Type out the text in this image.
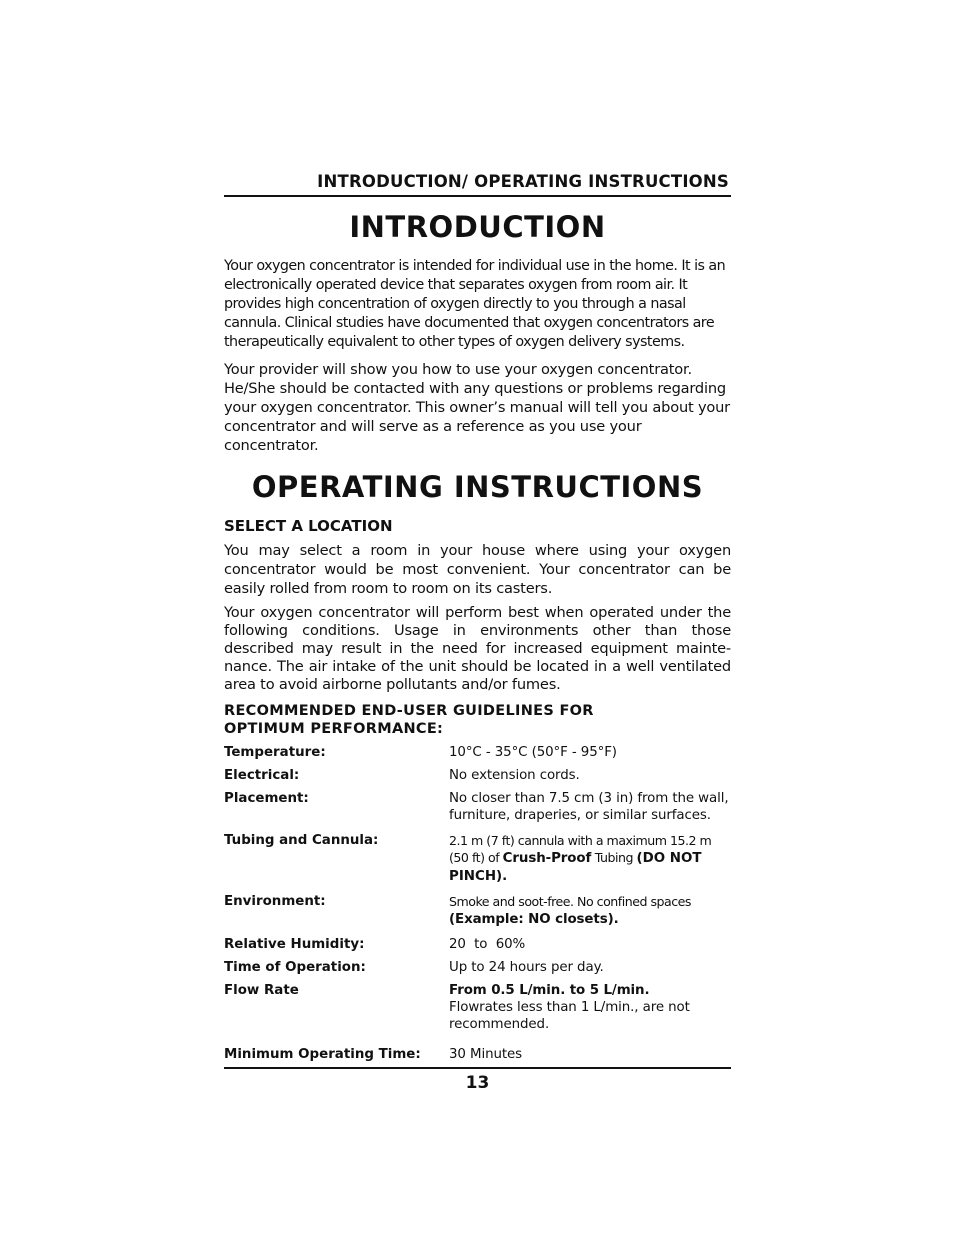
INTRODUCTION/ OPERATING INSTRUCTIONS
INTRODUCTION

Your oxygen concentrator is intended for individual use in the home. It is an electronically operated device that separates oxygen from room air. It provides high concentration of oxygen directly to you through a nasal cannula. Clinical studies have documented that oxygen concentrators are therapeutically equivalent to other types of oxygen delivery systems.

Your provider will show you how to use your oxygen concentrator. He/She should be contacted with any questions or problems regarding your oxygen concentrator. This owner’s manual will tell you about your concentrator and will serve as a reference as you use your concentrator.

OPERATING INSTRUCTIONS
SELECT A LOCATION

You may select a room in your house where using your oxygen concentrator would be most convenient. Your concentrator can be easily rolled from room to room on its casters.

Your oxygen concentrator will perform best when operated under the following conditions. Usage in environments other than those described may result in the need for increased equipment mainte- nance. The air intake of the unit should be located in a well ventilated area to avoid airborne pollutants and/or fumes.

RECOMMENDED END-USER GUIDELINES FOR
OPTIMUM PERFORMANCE:
Temperature:	10°C - 35°C (50°F - 95°F)
Electrical:	No extension cords.
Placement:	No closer than 7.5 cm (3 in) from the wall, furniture, draperies, or similar surfaces.
Tubing and Cannula:	2.1 m (7 ft) cannula with a maximum 15.2 m (50 ft) of Crush-Proof Tubing (DO NOT PINCH).
Environment:	Smoke and soot-free. No confined spaces
(Example: NO closets).
Relative Humidity:	20  to  60%
Time of Operation:	Up to 24 hours per day.
Flow Rate	From 0.5 L/min. to 5 L/min.
Flowrates less than 1 L/min., are not recommended.
Minimum Operating Time:	30 Minutes
13
